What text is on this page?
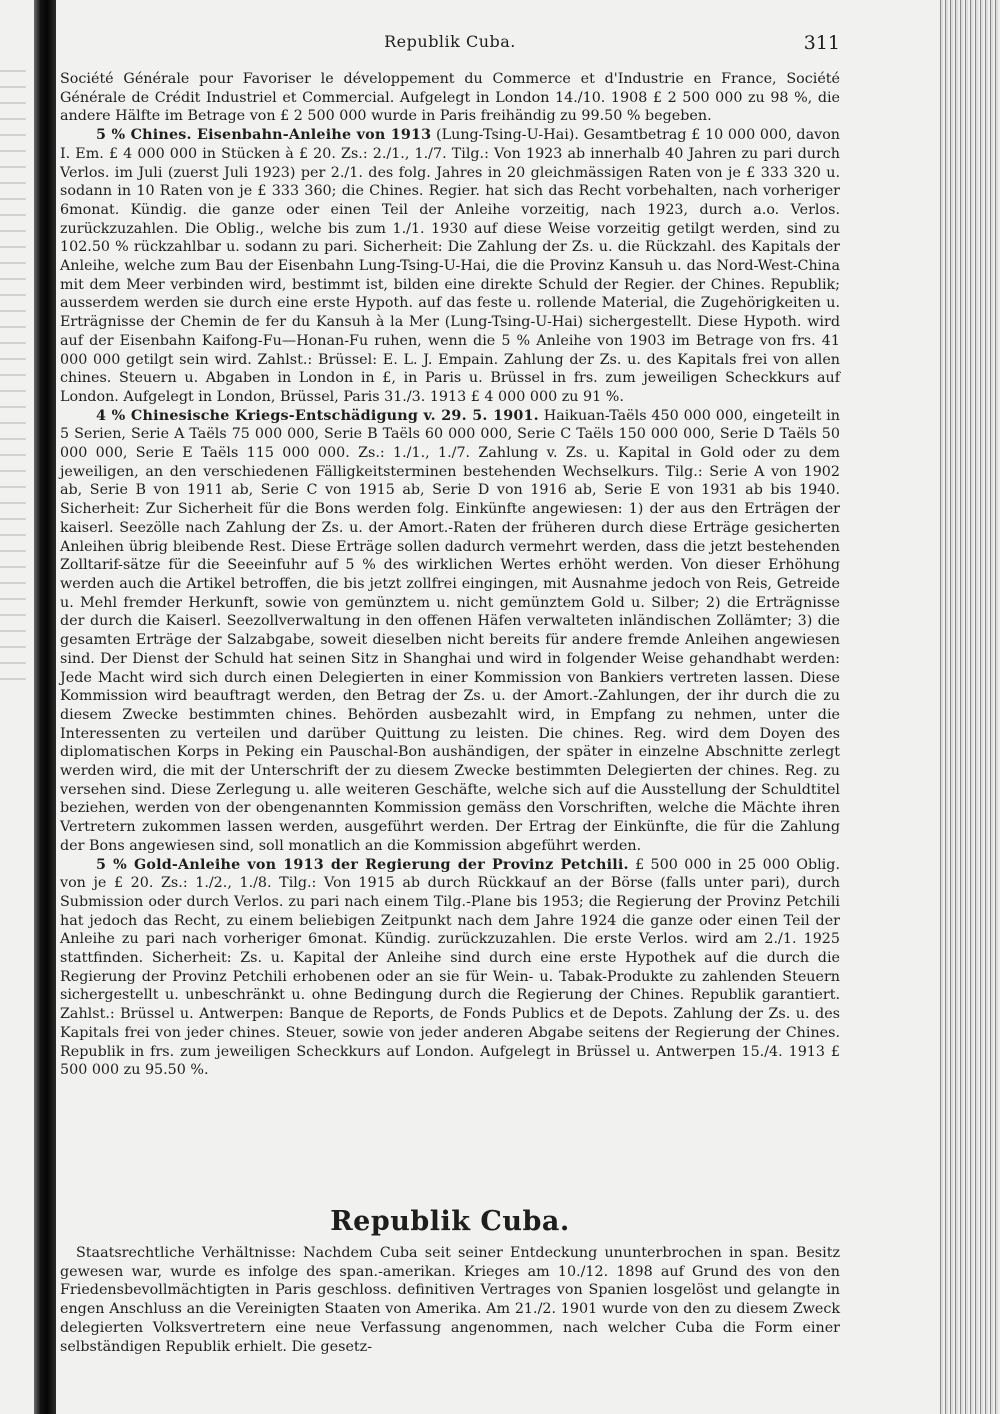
Republik Cuba.	311

Société Générale pour Favoriser le développement du Commerce et d'Industrie en France, Société Générale de Crédit Industriel et Commercial. Aufgelegt in London 14./10. 1908 £ 2 500 000 zu 98 %, die andere Hälfte im Betrage von £ 2 500 000 wurde in Paris freihändig zu 99.50 % begeben.

5 % Chines. Eisenbahn-Anleihe von 1913 (Lung-Tsing-U-Hai). Gesamtbetrag £ 10 000 000, davon I. Em. £ 4 000 000 in Stücken à £ 20. Zs.: 2./1., 1./7. Tilg.: Von 1923 ab innerhalb 40 Jahren zu pari durch Verlos. im Juli (zuerst Juli 1923) per 2./1. des folg. Jahres in 20 gleichmässigen Raten von je £ 333 320 u. sodann in 10 Raten von je £ 333 360; die Chines. Regier. hat sich das Recht vorbehalten, nach vorheriger 6monat. Kündig. die ganze oder einen Teil der Anleihe vorzeitig, nach 1923, durch a.o. Verlos. zurückzuzahlen. Die Oblig., welche bis zum 1./1. 1930 auf diese Weise vorzeitig getilgt werden, sind zu 102.50 % rückzahlbar u. sodann zu pari. Sicherheit: Die Zahlung der Zs. u. die Rückzahl. des Kapitals der Anleihe, welche zum Bau der Eisenbahn Lung-Tsing-U-Hai, die die Provinz Kansuh u. das Nord-West-China mit dem Meer verbinden wird, bestimmt ist, bilden eine direkte Schuld der Regier. der Chines. Republik; ausserdem werden sie durch eine erste Hypoth. auf das feste u. rollende Material, die Zugehörigkeiten u. Erträgnisse der Chemin de fer du Kansuh à la Mer (Lung-Tsing-U-Hai) sichergestellt. Diese Hypoth. wird auf der Eisenbahn Kaifong-Fu—Honan-Fu ruhen, wenn die 5 % Anleihe von 1903 im Betrage von frs. 41 000 000 getilgt sein wird. Zahlst.: Brüssel: E. L. J. Empain. Zahlung der Zs. u. des Kapitals frei von allen chines. Steuern u. Abgaben in London in £, in Paris u. Brüssel in frs. zum jeweiligen Scheckkurs auf London. Aufgelegt in London, Brüssel, Paris 31./3. 1913 £ 4 000 000 zu 91 %.

4 % Chinesische Kriegs-Entschädigung v. 29. 5. 1901. Haikuan-Taëls 450 000 000, eingeteilt in 5 Serien, Serie A Taëls 75 000 000, Serie B Taëls 60 000 000, Serie C Taëls 150 000 000, Serie D Taëls 50 000 000, Serie E Taëls 115 000 000. Zs.: 1./1., 1./7. Zahlung v. Zs. u. Kapital in Gold oder zu dem jeweiligen, an den verschiedenen Fälligkeitsterminen bestehenden Wechselkurs. Tilg.: Serie A von 1902 ab, Serie B von 1911 ab, Serie C von 1915 ab, Serie D von 1916 ab, Serie E von 1931 ab bis 1940. Sicherheit: Zur Sicherheit für die Bons werden folg. Einkünfte angewiesen: 1) der aus den Erträgen der kaiserl. Seezölle nach Zahlung der Zs. u. der Amort.-Raten der früheren durch diese Erträge gesicherten Anleihen übrig bleibende Rest. Diese Erträge sollen dadurch vermehrt werden, dass die jetzt bestehenden Zolltarif-sätze für die Seeeinfuhr auf 5 % des wirklichen Wertes erhöht werden. Von dieser Erhöhung werden auch die Artikel betroffen, die bis jetzt zollfrei eingingen, mit Ausnahme jedoch von Reis, Getreide u. Mehl fremder Herkunft, sowie von gemünztem u. nicht gemünztem Gold u. Silber; 2) die Erträgnisse der durch die Kaiserl. Seezollverwaltung in den offenen Häfen verwalteten inländischen Zollämter; 3) die gesamten Erträge der Salzabgabe, soweit dieselben nicht bereits für andere fremde Anleihen angewiesen sind. Der Dienst der Schuld hat seinen Sitz in Shanghai und wird in folgender Weise gehandhabt werden: Jede Macht wird sich durch einen Delegierten in einer Kommission von Bankiers vertreten lassen. Diese Kommission wird beauftragt werden, den Betrag der Zs. u. der Amort.-Zahlungen, der ihr durch die zu diesem Zwecke bestimmten chines. Behörden ausbezahlt wird, in Empfang zu nehmen, unter die Interessenten zu verteilen und darüber Quittung zu leisten. Die chines. Reg. wird dem Doyen des diplomatischen Korps in Peking ein Pauschal-Bon aushändigen, der später in einzelne Abschnitte zerlegt werden wird, die mit der Unterschrift der zu diesem Zwecke bestimmten Delegierten der chines. Reg. zu versehen sind. Diese Zerlegung u. alle weiteren Geschäfte, welche sich auf die Ausstellung der Schuldtitel beziehen, werden von der obengenannten Kommission gemäss den Vorschriften, welche die Mächte ihren Vertretern zukommen lassen werden, ausgeführt werden. Der Ertrag der Einkünfte, die für die Zahlung der Bons angewiesen sind, soll monatlich an die Kommission abgeführt werden.

5 % Gold-Anleihe von 1913 der Regierung der Provinz Petchili. £ 500 000 in 25 000 Oblig. von je £ 20. Zs.: 1./2., 1./8. Tilg.: Von 1915 ab durch Rückkauf an der Börse (falls unter pari), durch Submission oder durch Verlos. zu pari nach einem Tilg.-Plane bis 1953; die Regierung der Provinz Petchili hat jedoch das Recht, zu einem beliebigen Zeitpunkt nach dem Jahre 1924 die ganze oder einen Teil der Anleihe zu pari nach vorheriger 6monat. Kündig. zurückzuzahlen. Die erste Verlos. wird am 2./1. 1925 stattfinden. Sicherheit: Zs. u. Kapital der Anleihe sind durch eine erste Hypothek auf die durch die Regierung der Provinz Petchili erhobenen oder an sie für Wein- u. Tabak-Produkte zu zahlenden Steuern sichergestellt u. unbeschränkt u. ohne Bedingung durch die Regierung der Chines. Republik garantiert. Zahlst.: Brüssel u. Antwerpen: Banque de Reports, de Fonds Publics et de Depots. Zahlung der Zs. u. des Kapitals frei von jeder chines. Steuer, sowie von jeder anderen Abgabe seitens der Regierung der Chines. Republik in frs. zum jeweiligen Scheckkurs auf London. Aufgelegt in Brüssel u. Antwerpen 15./4. 1913 £ 500 000 zu 95.50 %.

Republik Cuba.

Staatsrechtliche Verhältnisse: Nachdem Cuba seit seiner Entdeckung ununterbrochen in span. Besitz gewesen war, wurde es infolge des span.-amerikan. Krieges am 10./12. 1898 auf Grund des von den Friedensbevollmächtigten in Paris geschloss. definitiven Vertrages von Spanien losgelöst und gelangte in engen Anschluss an die Vereinigten Staaten von Amerika. Am 21./2. 1901 wurde von den zu diesem Zweck delegierten Volksvertretern eine neue Verfassung angenommen, nach welcher Cuba die Form einer selbständigen Republik erhielt. Die gesetz-
